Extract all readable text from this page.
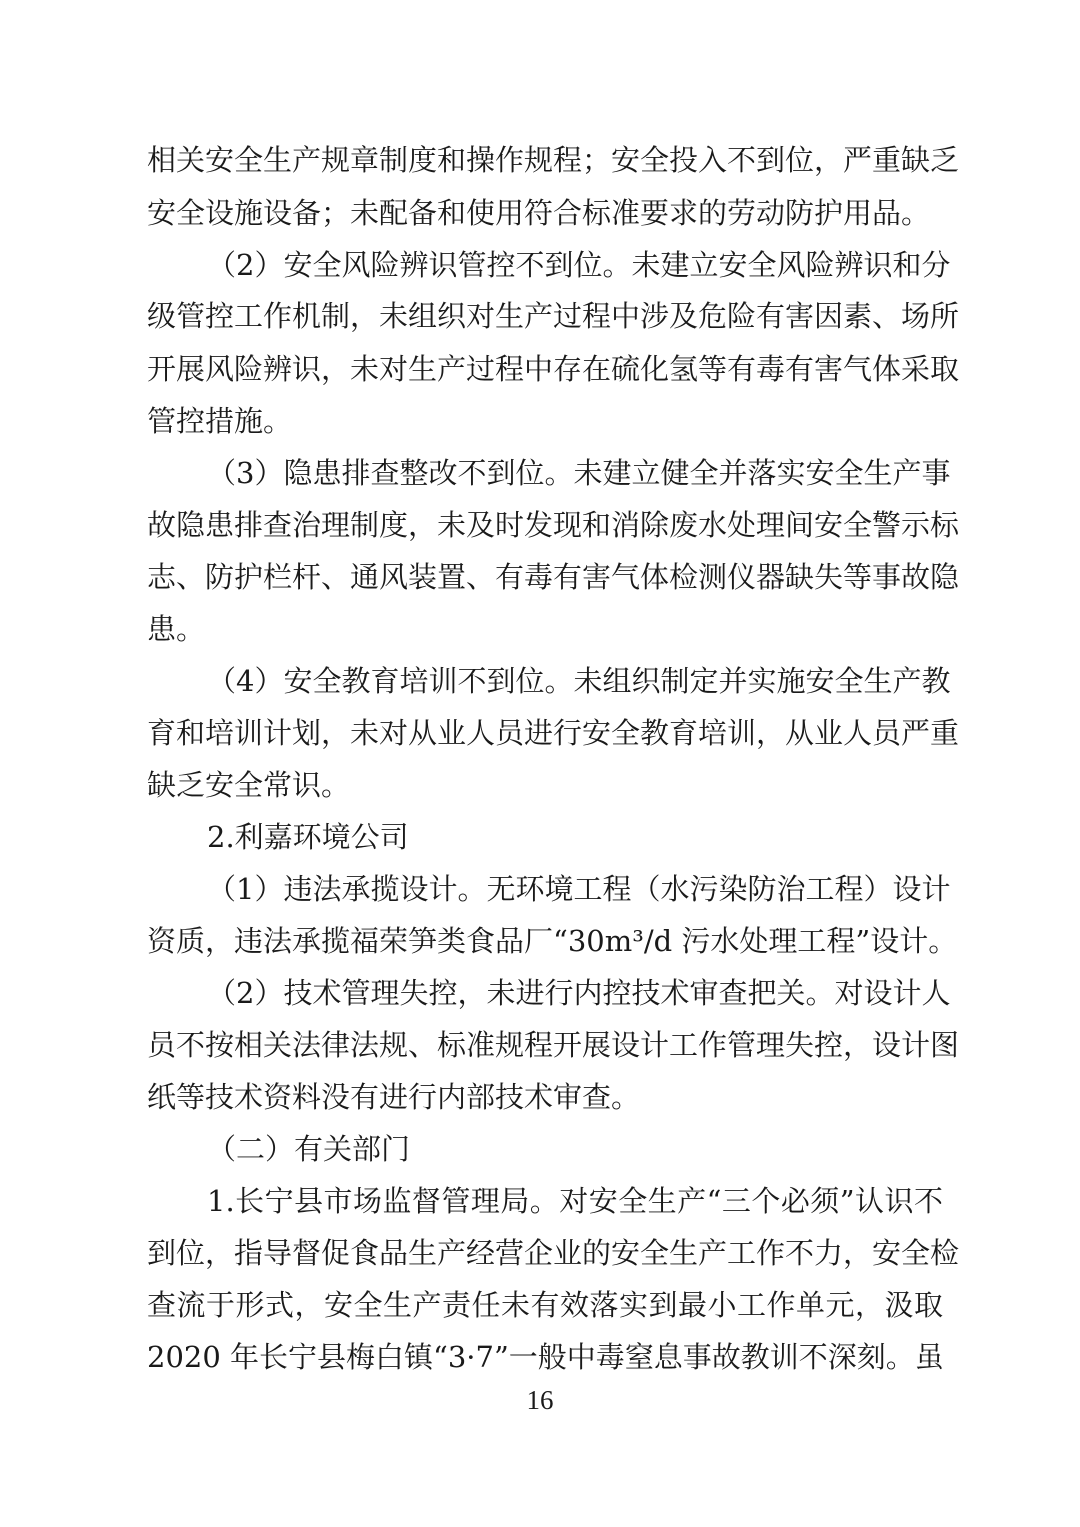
相关安全生产规章制度和操作规程；安全投入不到位，严重缺乏
安全设施设备；未配备和使用符合标准要求的劳动防护用品。
（2）安全风险辨识管控不到位。未建立安全风险辨识和分
级管控工作机制，未组织对生产过程中涉及危险有害因素、场所
开展风险辨识，未对生产过程中存在硫化氢等有毒有害气体采取
管控措施。
（3）隐患排查整改不到位。未建立健全并落实安全生产事
故隐患排查治理制度，未及时发现和消除废水处理间安全警示标
志、防护栏杆、通风装置、有毒有害气体检测仪器缺失等事故隐
患。
（4）安全教育培训不到位。未组织制定并实施安全生产教
育和培训计划，未对从业人员进行安全教育培训，从业人员严重
缺乏安全常识。
2.利嘉环境公司
（1）违法承揽设计。无环境工程（水污染防治工程）设计
资质，违法承揽福荣笋类食品厂“30m³/d 污水处理工程”设计。
（2）技术管理失控，未进行内控技术审查把关。对设计人
员不按相关法律法规、标准规程开展设计工作管理失控，设计图
纸等技术资料没有进行内部技术审查。
（二）有关部门
1.长宁县市场监督管理局。对安全生产“三个必须”认识不
到位，指导督促食品生产经营企业的安全生产工作不力，安全检
查流于形式，安全生产责任未有效落实到最小工作单元，汲取
2020 年长宁县梅白镇“3·7”一般中毒窒息事故教训不深刻。虽
16
